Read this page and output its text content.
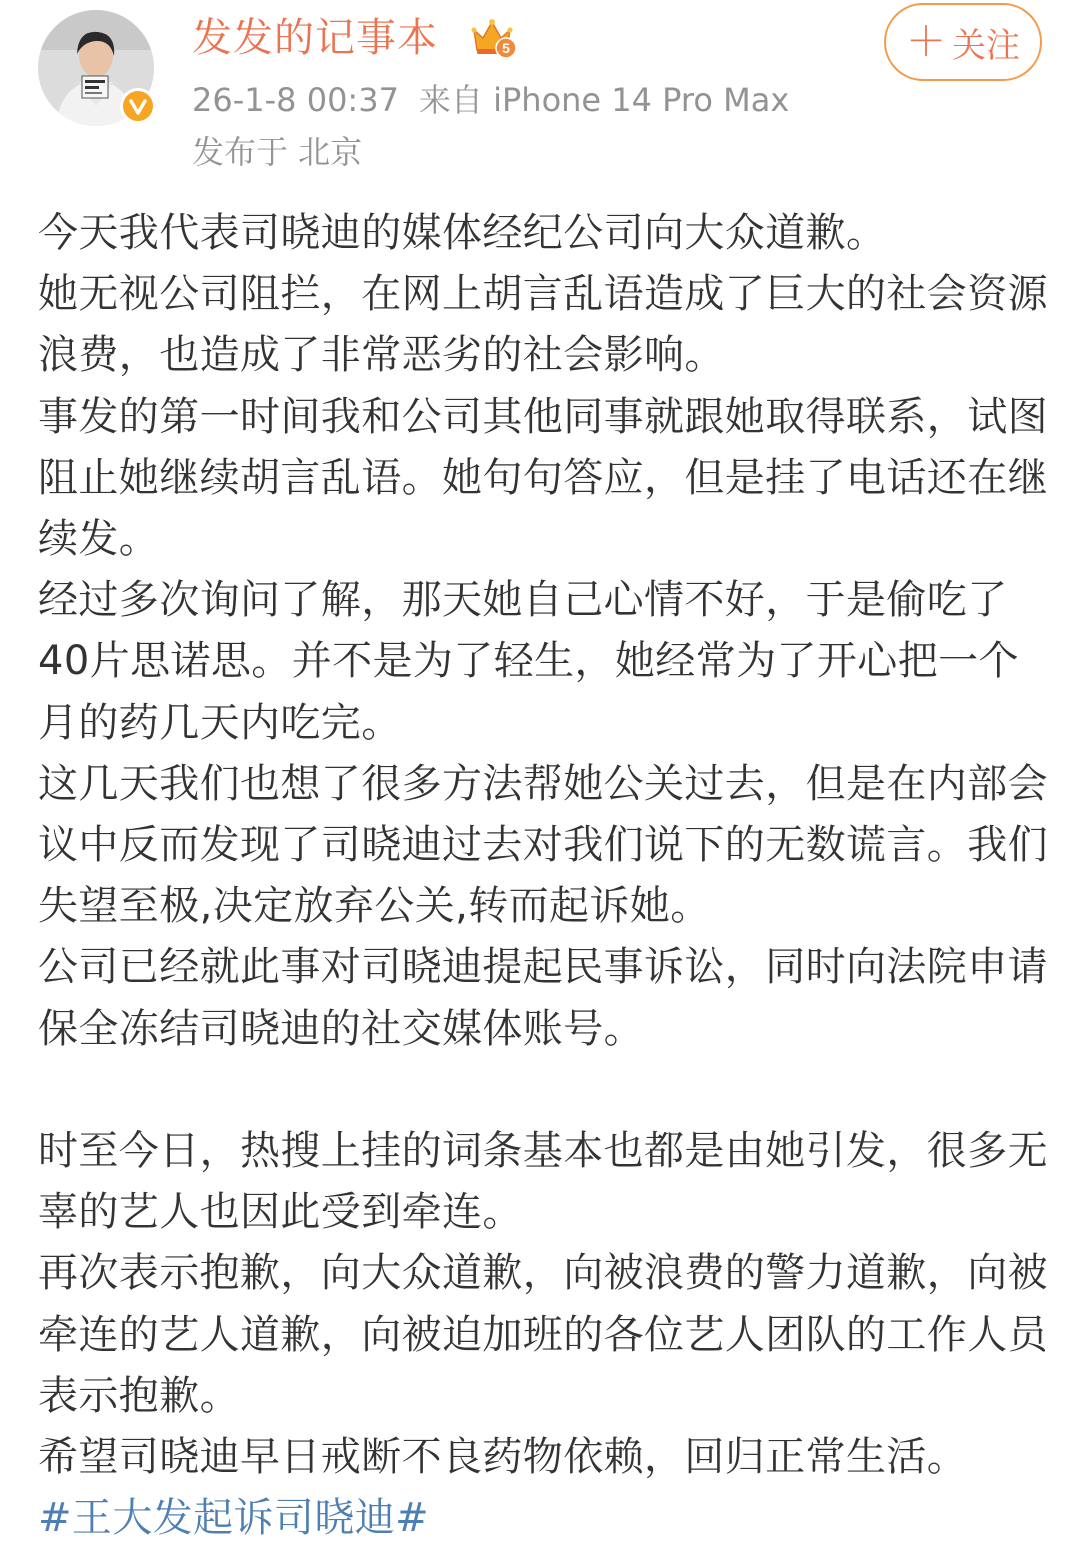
发发的记事本	5
26-1-8 00:37 来自 iPhone 14 Pro Max
发布于 北京
＋ 关注

今天我代表司晓迪的媒体经纪公司向大众道歉。

她无视公司阻拦，在网上胡言乱语造成了巨大的社会资源浪费，也造成了非常恶劣的社会影响。

事发的第一时间我和公司其他同事就跟她取得联系，试图阻止她继续胡言乱语。她句句答应，但是挂了电话还在继续发。

经过多次询问了解，那天她自己心情不好，于是偷吃了40片思诺思。并不是为了轻生，她经常为了开心把一个月的药几天内吃完。

这几天我们也想了很多方法帮她公关过去，但是在内部会议中反而发现了司晓迪过去对我们说下的无数谎言。我们失望至极,决定放弃公关,转而起诉她。

公司已经就此事对司晓迪提起民事诉讼，同时向法院申请保全冻结司晓迪的社交媒体账号。

时至今日，热搜上挂的词条基本也都是由她引发，很多无辜的艺人也因此受到牵连。

再次表示抱歉，向大众道歉，向被浪费的警力道歉，向被牵连的艺人道歉，向被迫加班的各位艺人团队的工作人员表示抱歉。

希望司晓迪早日戒断不良药物依赖，回归正常生活。

#王大发起诉司晓迪#
